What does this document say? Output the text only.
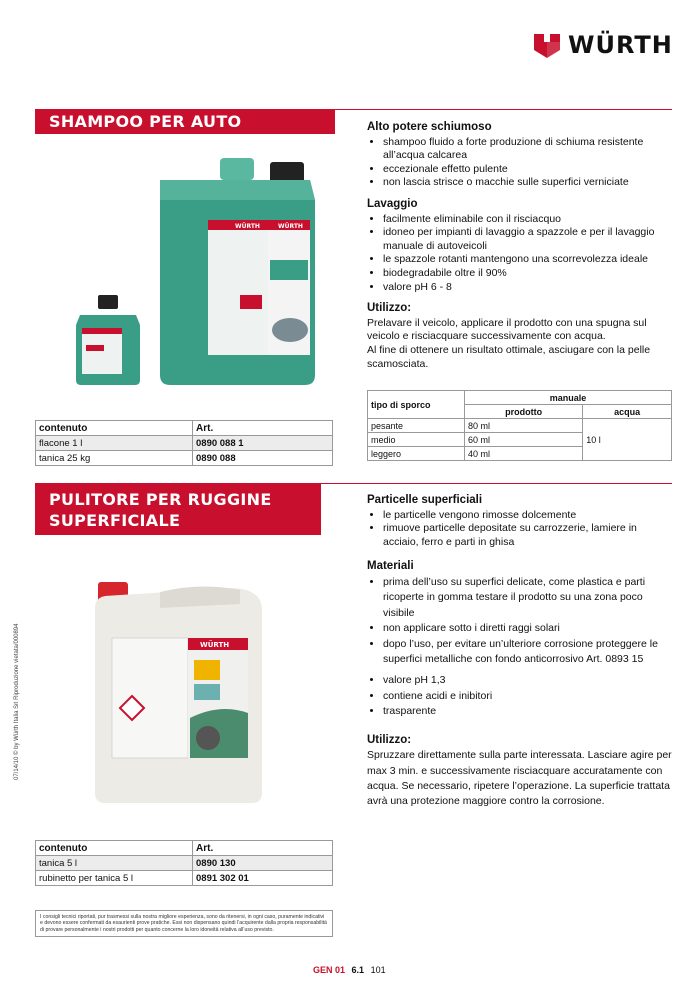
WÜRTH
SHAMPOO PER AUTO
WÜRTH	WÜRTH
Alto potere schiumoso
• shampoo fluido a forte produzione di schiuma resistente all’acqua calcarea
• eccezionale effetto pulente
• non lascia strisce o macchie sulle superfici verniciate
Lavaggio
• facilmente eliminabile con il risciacquo
• idoneo per impianti di lavaggio a spazzole e per il lavaggio manuale di autoveicoli
• le spazzole rotanti mantengono una scorrevolezza ideale
• biodegradabile oltre il 90%
• valore pH 6 - 8
Utilizzo:

Prelavare il veicolo, applicare il prodotto con una spugna sul veicolo e risciacquare successivamente con acqua.

Al fine di ottenere un risultato ottimale, asciugare con la pelle scamosciata.

tipo di sporco	manuale	
	prodotto	acqua
pesante	80 ml	10 l
medio	60 ml	
leggero	40 ml	
contenuto	Art.
flacone 1 l	0890 088 1
tanica 25 kg	0890 088
PULITORE PER RUGGINE
SUPERFICIALE
WÜRTH
Particelle superficiali
• le particelle vengono rimosse dolcemente
• rimuove particelle depositate su carrozzerie, lamiere in acciaio, ferro e parti in ghisa
Materiali
• prima dell’uso su superfici delicate, come plastica e parti ricoperte in gomma testare il prodotto su una zona poco visibile
• non applicare sotto i diretti raggi solari
• dopo l’uso, per evitare un’ulteriore corrosione proteggere le superfici metalliche con fondo anticorrosivo Art. 0893 15
• valore pH 1,3
• contiene acidi e inibitori
• trasparente
Utilizzo:

Spruzzare direttamente sulla parte interessata. Lasciare agire per max 3 min. e successivamente risciacquare accuratamente con acqua. Se necessario, ripetere l’operazione. La superficie trattata avrà una protezione maggiore contro la corrosione.

contenuto	Art.
tanica 5 l	0890 130
rubinetto per tanica 5 l	0891 302 01
I consigli tecnici riportati, pur trasmessi sulla nostra migliore esperienza, sono da ritenersi, in ogni caso, puramente indicativi e devono essere confermati da esaurienti prove pratiche. Essi non dispensano quindi l’acquirente dalla propria responsabilità di provare personalmente i nostri prodotti per quanto concerne la loro idoneità relativa all’uso previsto.
07/14/10 © by Würth Italia Srl Riproduzione vietata/000894
GEN 01 6.1 101
